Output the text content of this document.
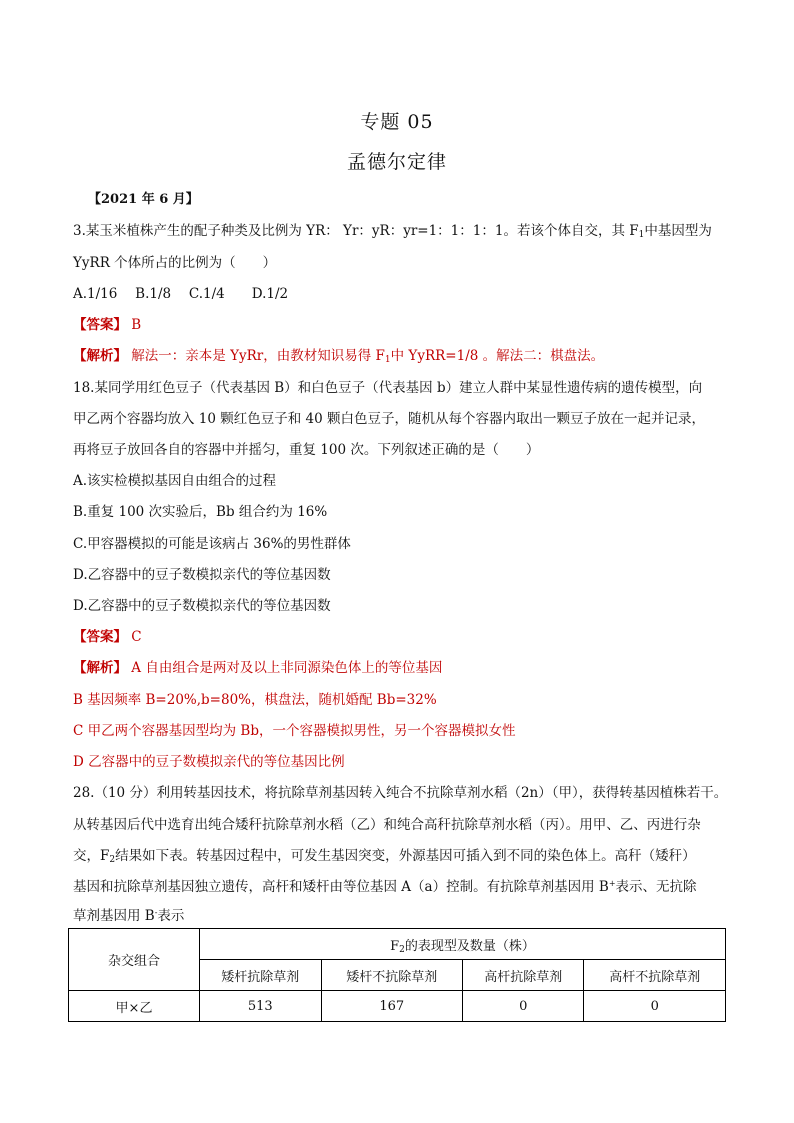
专题 05
孟德尔定律
【2021 年 6 月】
3.某玉米植株产生的配子种类及比例为 YR： Yr：yR：yr=1：1：1：1。若该个体自交，其 $F_1$中基因型为
YyRR 个体所占的比例为（　　）
A.1/16　 B.1/8　 C.1/4　　D.1/2
【答案】 B
【解析】 解法一：亲本是 YyRr，由教材知识易得 $F_1$中 YyRR=1/8 。解法二：棋盘法。
18.某同学用红色豆子（代表基因 B）和白色豆子（代表基因 b）建立人群中某显性遗传病的遗传模型，向
甲乙两个容器均放入 10 颗红色豆子和 40 颗白色豆子，随机从每个容器内取出一颗豆子放在一起并记录，
再将豆子放回各自的容器中并摇匀，重复 100 次。下列叙述正确的是（　　）
A.该实检模拟基因自由组合的过程
B.重复 100 次实验后，Bb 组合约为 16%
C.甲容器模拟的可能是该病占 36%的男性群体
D.乙容器中的豆子数模拟亲代的等位基因数
D.乙容器中的豆子数模拟亲代的等位基因数
【答案】 C
【解析】 A 自由组合是两对及以上非同源染色体上的等位基因
B 基因频率 B=20%,b=80%，棋盘法，随机婚配 Bb=32%
C 甲乙两个容器基因型均为 Bb，一个容器模拟男性，另一个容器模拟女性
D 乙容器中的豆子数模拟亲代的等位基因比例
28.（10 分）利用转基因技术，将抗除草剂基因转入纯合不抗除草剂水稻（2n）（甲），获得转基因植株若干。
从转基因后代中选育出纯合矮秆抗除草剂水稻（乙）和纯合高秆抗除草剂水稻（丙）。用甲、乙、丙进行杂
交，$F_2$结果如下表。转基因过程中，可发生基因突变，外源基因可插入到不同的染色体上。高秆（矮秆）
基因和抗除草剂基因独立遗传，高杆和矮杆由等位基因 A（a）控制。有抗除草剂基因用 B+表示、无抗除
草剂基因用 B-表示
杂交组合	$F_2$的表现型及数量（株）			
	矮杆抗除草剂	矮杆不抗除草剂	高杆抗除草剂	高杆不抗除草剂
甲×乙	513	167	0	0
